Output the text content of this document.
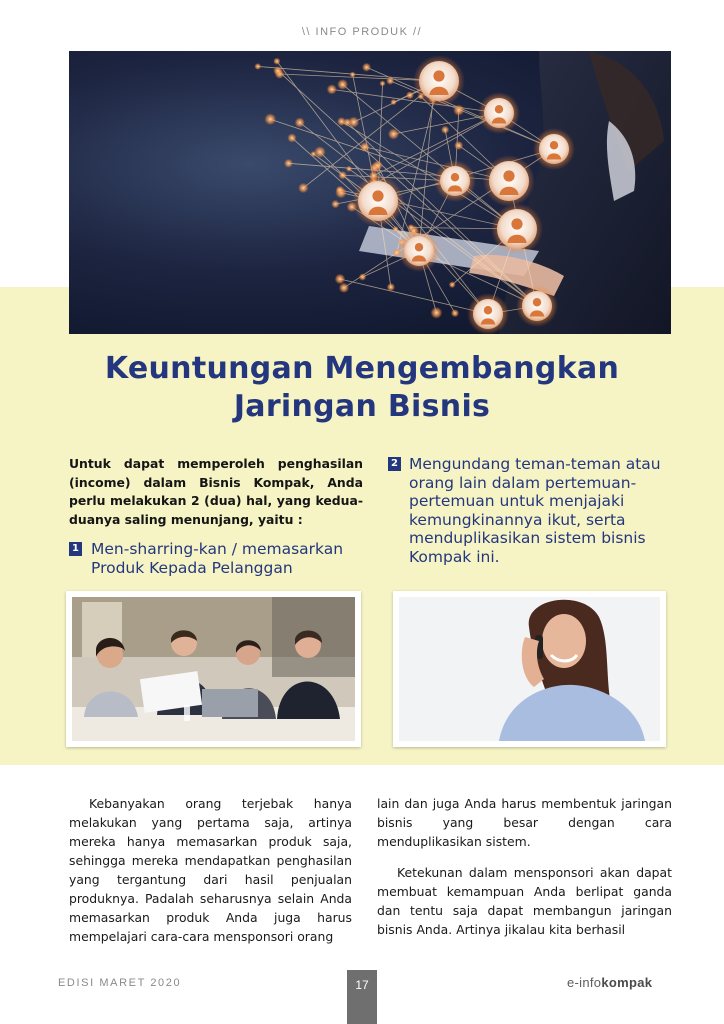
\\ INFO PRODUK //
Keuntungan Mengembangkan
Jaringan Bisnis
Untuk dapat memperoleh penghasilan (income) dalam Bisnis Kompak, Anda perlu melakukan 2 (dua) hal, yang kedua-duanya saling menunjang, yaitu :
1 Men-sharring-kan / memasarkan Produk Kepada Pelanggan
2 Mengundang teman-teman atau orang lain dalam pertemuan-pertemuan untuk menjajaki kemungkinannya ikut, serta menduplikasikan sistem bisnis Kompak ini.

Kebanyakan orang terjebak hanya melakukan yang pertama saja, artinya mereka hanya memasarkan produk saja, sehingga mereka mendapatkan penghasilan yang tergantung dari hasil penjualan produknya. Padalah seharusnya selain Anda memasarkan produk Anda juga harus mempelajari cara-cara mensponsori orang

lain dan juga Anda harus membentuk jaringan bisnis yang besar dengan cara menduplikasikan sistem.

Ketekunan dalam mensponsori akan dapat membuat kemampuan Anda berlipat ganda dan tentu saja dapat membangun jaringan bisnis Anda. Artinya jikalau kita berhasil

EDISI MARET 2020	17	e-infokompak
